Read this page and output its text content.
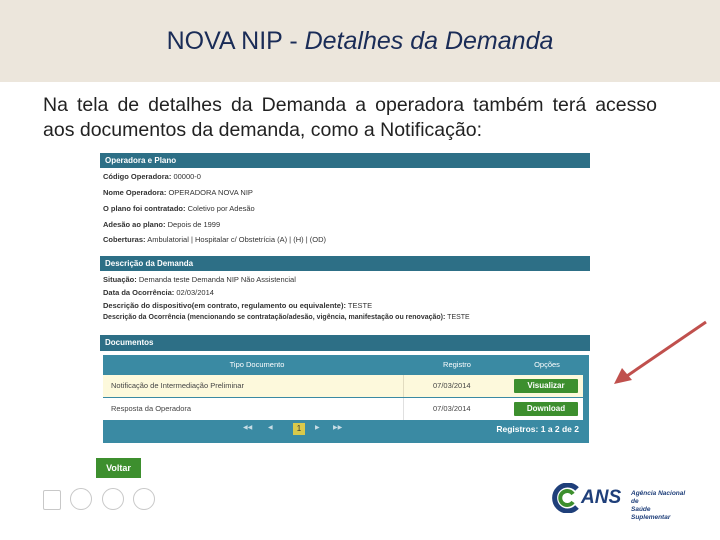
NOVA NIP - Detalhes da Demanda
Na tela de detalhes da Demanda a operadora também terá acesso aos documentos da demanda, como a Notificação:
Operadora e Plano
Código Operadora: 00000-0
Nome Operadora: OPERADORA NOVA NIP
O plano foi contratado: Coletivo por Adesão
Adesão ao plano: Depois de 1999
Coberturas: Ambulatorial | Hospitalar c/ Obstetrícia (A) | (H) | (OD)
Descrição da Demanda
Situação: Demanda teste Demanda NIP Não Assistencial
Data da Ocorrência: 02/03/2014
Descrição do dispositivo(em contrato, regulamento ou equivalente): TESTE
Descrição da Ocorrência (mencionando se contratação/adesão, vigência, manifestação ou renovação): TESTE
Documentos
Tipo Documento	Registro	Opções
Notificação de Intermediação Preliminar	07/03/2014	Visualizar
Resposta da Operadora	07/03/2014	Download
◀◀	◀	1	▶ ▶▶	Registros: 1 a 2 de 2
Voltar

ANS Agência Nacional de
Saúde Suplementar
